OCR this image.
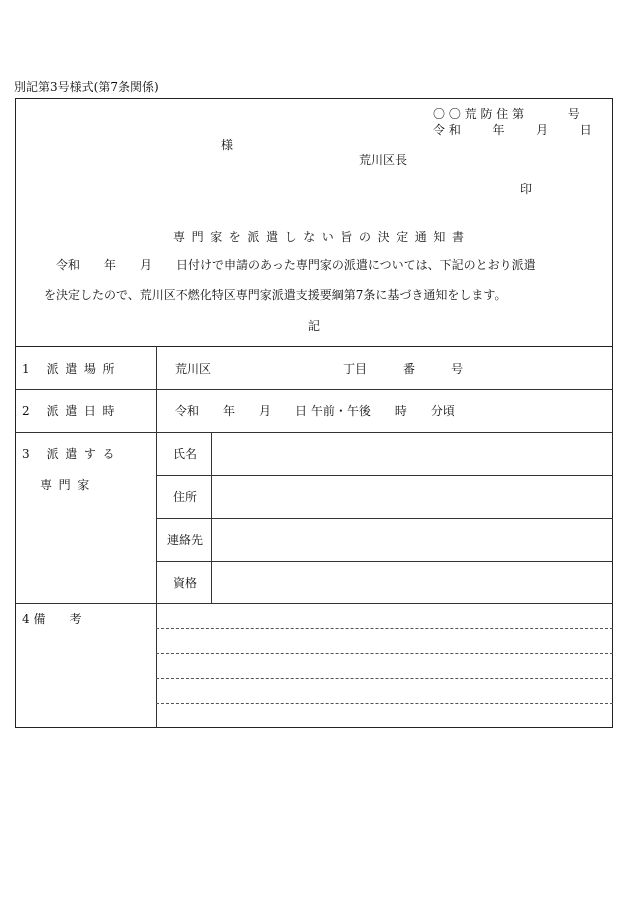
別記第3号様式(第7条関係)
〇 〇 荒 防 住 第 　　　 号
令 和 　　 年 　　 月 　　 日
様
荒川区長
印
専門家を派遣しない旨の決定通知書
令和　　年　　月　　日付けで申請のあった専門家の派遣については、下記のとおり派遣
を決定したので、荒川区不燃化特区専門家派遣支援要綱第7条に基づき通知をします。
記
1 派遣場所	荒川区　　　　　　　　　　　丁目　　　番　　　号
2 派遣日時	令和　　年　　月　　日 午前・午後　　時　　分頃
3 派遣する
専門家
氏名
住所
連絡先
資格
4 備　　考
